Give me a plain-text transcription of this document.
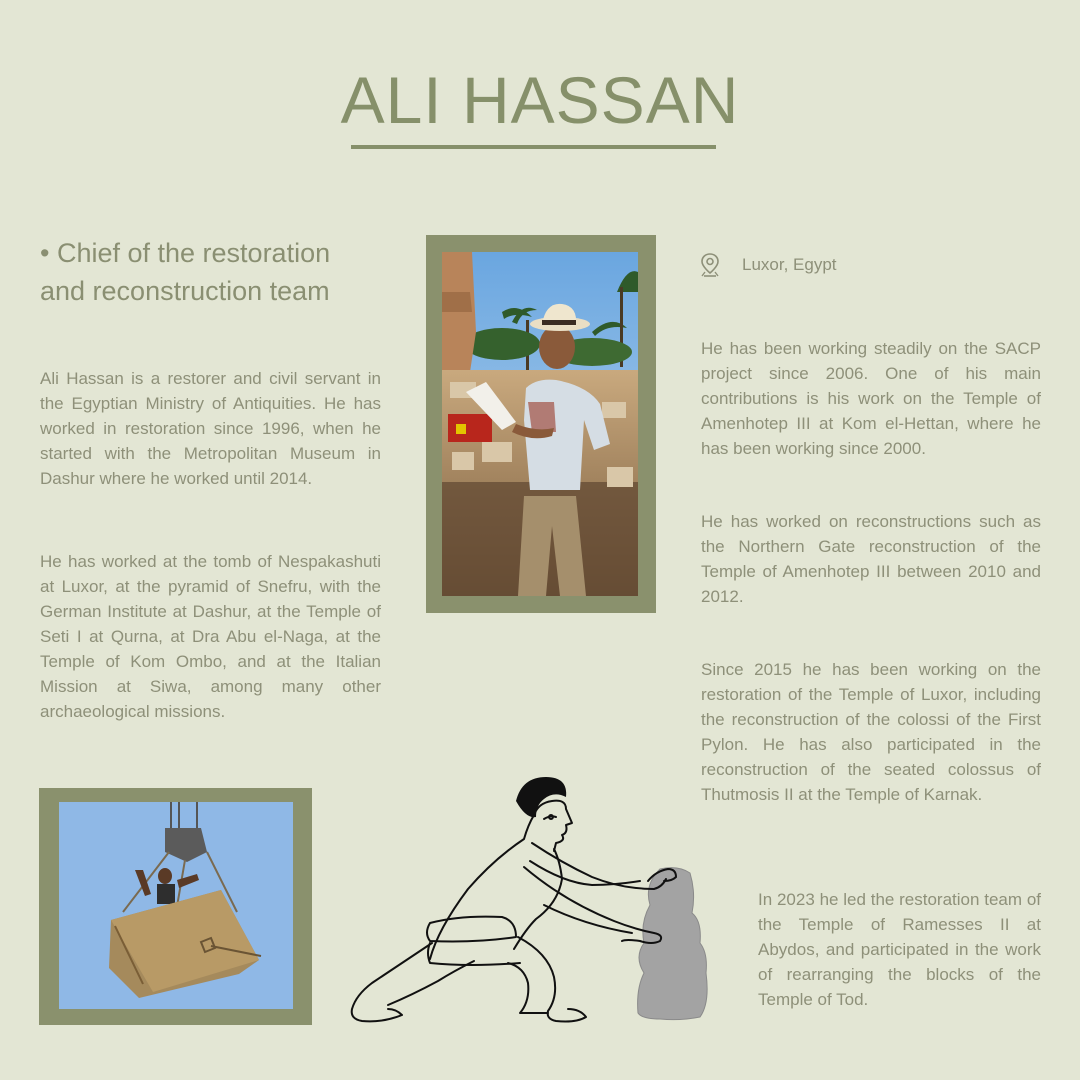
ALI HASSAN
• Chief of the restoration and reconstruction team

Ali Hassan is a restorer and civil servant in the Egyptian Ministry of Antiquities. He has worked in restoration since 1996, when he started with the Metropolitan Museum in Dashur where he worked until 2014.

He has worked at the tomb of Nespakashuti at Luxor, at the pyramid of Snefru, with the German Institute at Dashur, at the Temple of Seti I at Qurna, at Dra Abu el-Naga, at the Temple of Kom Ombo, and at the Italian Mission at Siwa, among many other archaeological missions.

Luxor, Egypt

He has been working steadily on the SACP project since 2006. One of his main contributions is his work on the Temple of Amenhotep III at Kom el-Hettan, where he has been working since 2000.

He has worked on reconstructions such as the Northern Gate reconstruction of the Temple of Amenhotep III between 2010 and 2012.

Since 2015 he has been working on the restoration of the Temple of Luxor, including the reconstruction of the colossi of the First Pylon. He has also participated in the reconstruction of the seated colossus of Thutmosis II at the Temple of Karnak.

In 2023 he led the restoration team of the Temple of Ramesses II at Abydos, and participated in the work of rearranging the blocks of the Temple of Tod.
